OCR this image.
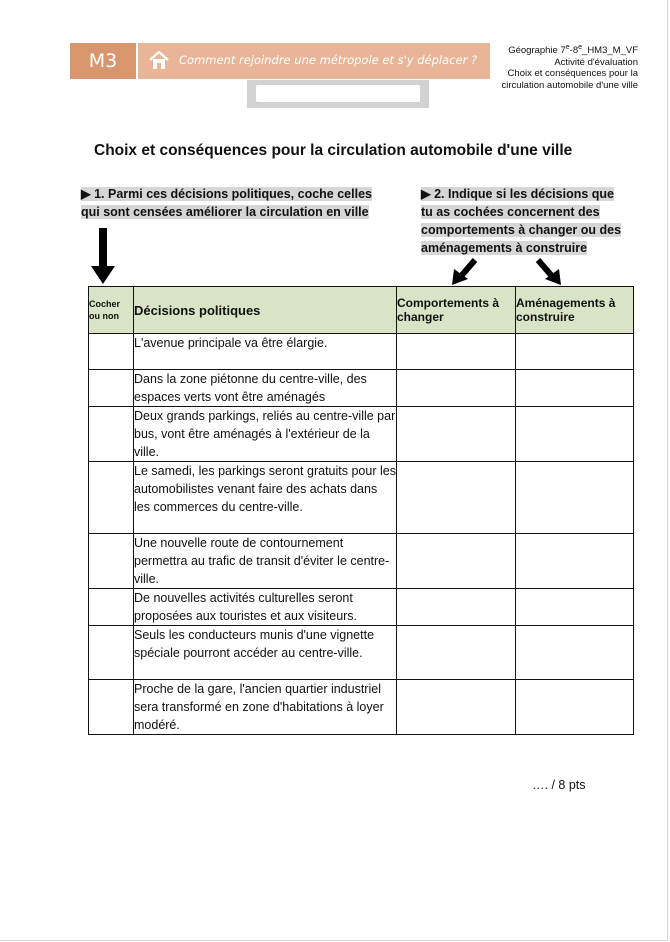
M3	Comment rejoindre une métropole et s'y déplacer ?
Géographie 7e-8e_HM3_M_VF
Activité d'évaluation
Choix et conséquences pour la
circulation automobile d'une ville
Choix et conséquences pour la circulation automobile d'une ville
▶ 1. Parmi ces décisions politiques, coche celles
qui sont censées améliorer la circulation en ville
▶ 2. Indique si les décisions que
tu as cochées concernent des
comportements à changer ou des
aménagements à construire
Cocher
ou non	Décisions politiques	Comportements à changer	Aménagements à construire
	L'avenue principale va être élargie.		
	Dans la zone piétonne du centre-ville, des espaces verts vont être aménagés		
	Deux grands parkings, reliés au centre-ville par bus, vont être aménagés à l'extérieur de la ville.		
	Le samedi, les parkings seront gratuits pour les automobilistes venant faire des achats dans les commerces du centre-ville.		
	Une nouvelle route de contournement permettra au trafic de transit d'éviter le centre-ville.		
	De nouvelles activités culturelles seront proposées aux touristes et aux visiteurs.		
	Seuls les conducteurs munis d'une vignette spéciale pourront accéder au centre-ville.		
	Proche de la gare, l'ancien quartier industriel sera transformé en zone d'habitations à loyer modéré.		
…. / 8 pts
